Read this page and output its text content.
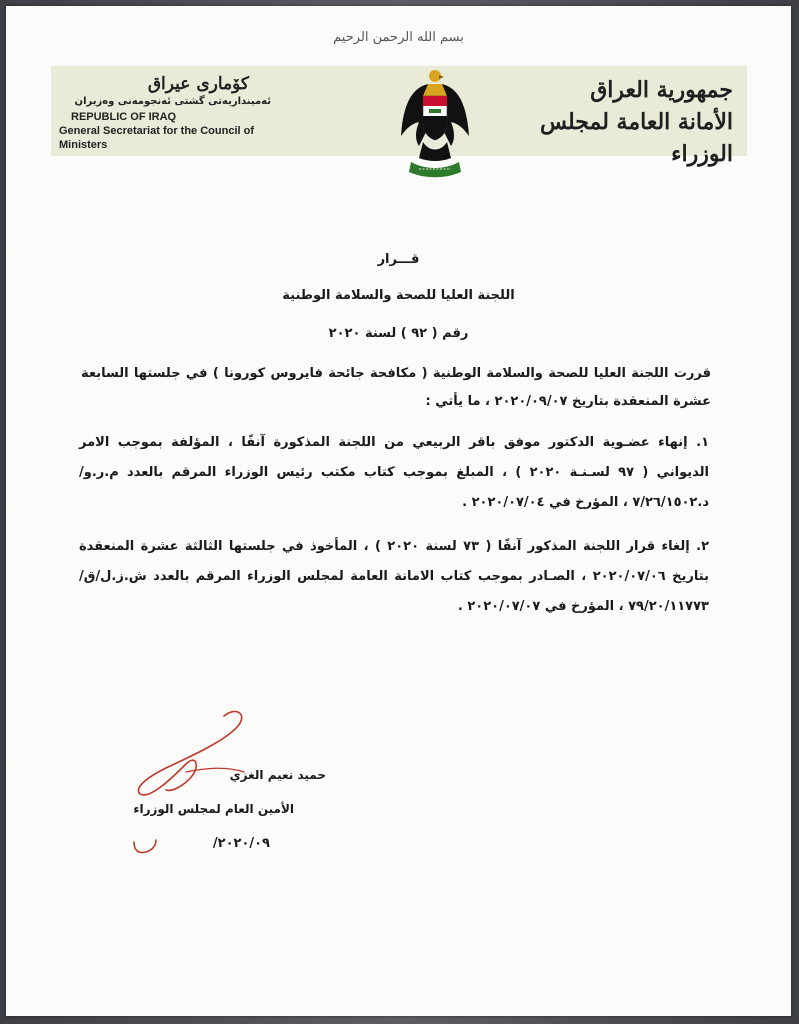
بسم الله الرحمن الرحيم
كۆماری عیراق
ئەمینداریەتی گشتی ئەنجومەنی وەزیران
REPUBLIC OF IRAQ
General Secretariat for the Council of Ministers
جمهورية العراق
الأمانة العامة لمجلس الوزراء
قـــرار
اللجنة العليا للصحة والسلامة الوطنية
رقم ( ٩٢ ) لسنة ٢٠٢٠
قررت اللجنة العليا للصحة والسلامة الوطنية ( مكافحة جائحة فايروس كورونا ) في جلستها السابعة عشرة المنعقدة بتاريخ ٢٠٢٠/٠٩/٠٧ ، ما يأتي :
١. إنهاء عضـوية الدكتور موفق باقر الربيعي من اللجنة المذكورة آنفًا ، المؤلفة بموجب الامر الديواني ( ٩٧ لسـنـة ٢٠٢٠ ) ، المبلغ بموجب كتاب مكتب رئيس الوزراء المرقم بالعدد م.ر.و/د.٧/٢٦/١٥٠٢ ، المؤرخ في ٢٠٢٠/٠٧/٠٤ .
٢. إلغاء قرار اللجنة المذكور آنفًا ( ٧٣ لسنة ٢٠٢٠ ) ، المأخوذ في جلستها الثالثة عشرة المنعقدة بتاريخ ٢٠٢٠/٠٧/٠٦ ، الصـادر بموجب كتاب الامانة العامة لمجلس الوزراء المرقم بالعدد ش.ز.ل/ق/٧٩/٢٠/١١٧٧٣ ، المؤرخ في ٢٠٢٠/٠٧/٠٧ .
حميد نعيم الغزي
الأمين العام لمجلس الوزراء
٢٠٢٠/٠٩/
